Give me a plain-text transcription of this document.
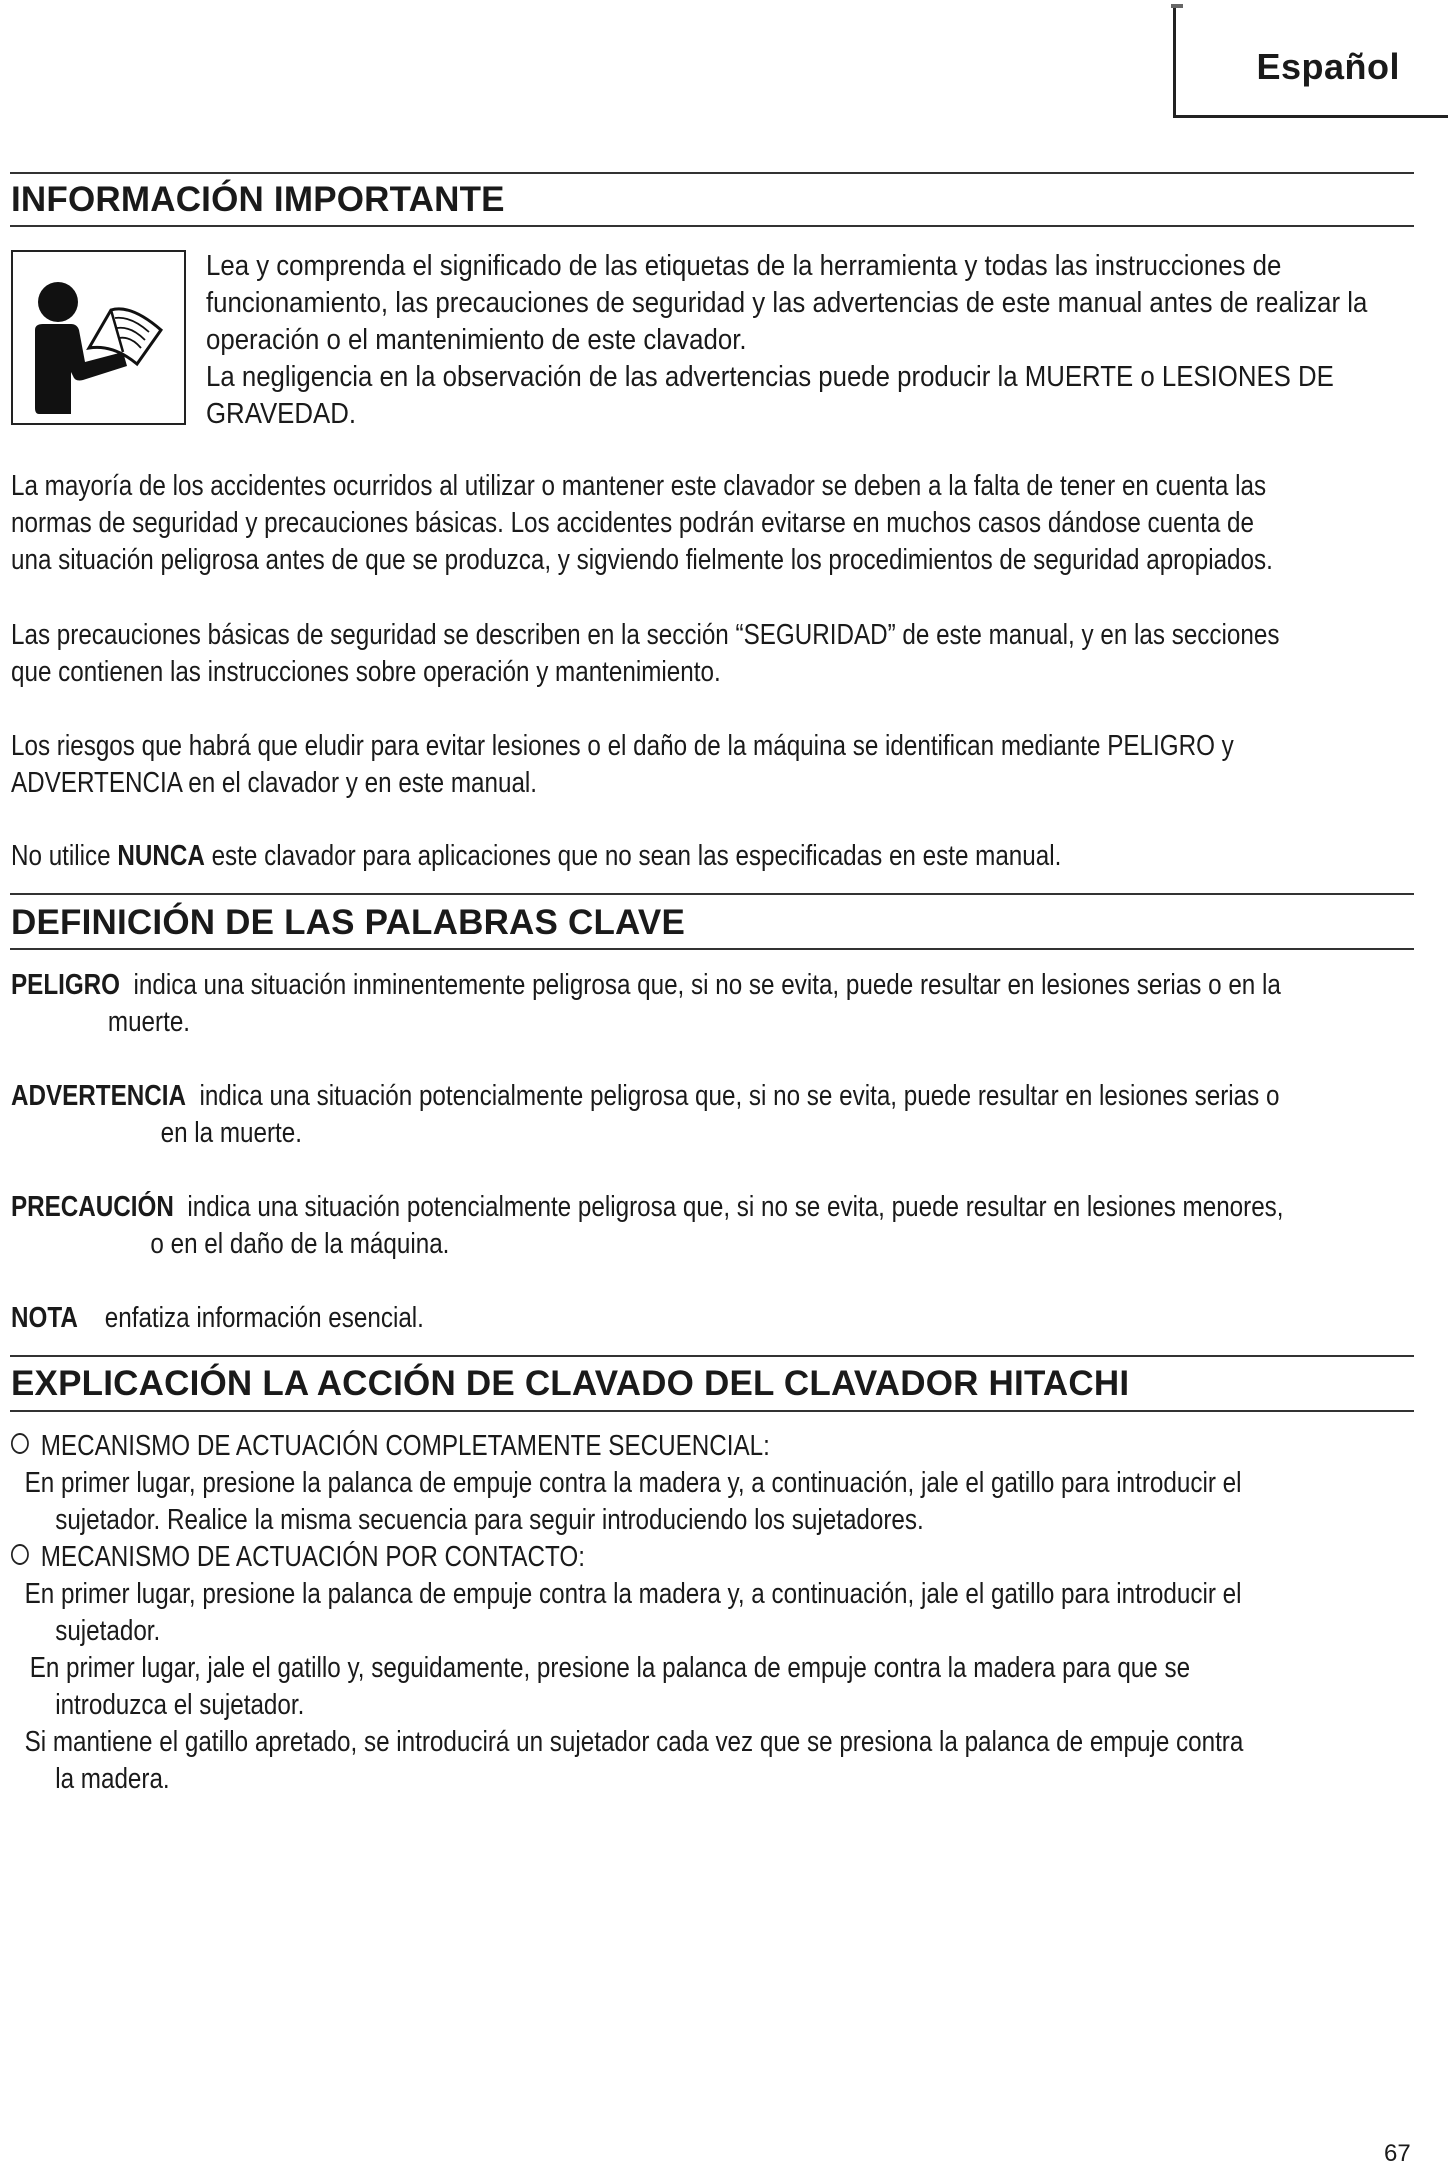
Español
INFORMACIÓN IMPORTANTE
Lea y comprenda el significado de las etiquetas de la herramienta y todas las instrucciones de
funcionamiento, las precauciones de seguridad y las advertencias de este manual antes de realizar la
operación o el mantenimiento de este clavador.
La negligencia en la observación de las advertencias puede producir la MUERTE o LESIONES DE
GRAVEDAD.
La mayoría de los accidentes ocurridos al utilizar o mantener este clavador se deben a la falta de tener en cuenta las
normas de seguridad y precauciones básicas. Los accidentes podrán evitarse en muchos casos dándose cuenta de
una situación peligrosa antes de que se produzca, y sigviendo fielmente los procedimientos de seguridad apropiados.
Las precauciones básicas de seguridad se describen en la sección “SEGURIDAD” de este manual, y en las secciones
que contienen las instrucciones sobre operación y mantenimiento.
Los riesgos que habrá que eludir para evitar lesiones o el daño de la máquina se identifican mediante PELIGRO y
ADVERTENCIA en el clavador y en este manual.
No utilice NUNCA este clavador para aplicaciones que no sean las especificadas en este manual.
DEFINICIÓN DE LAS PALABRAS CLAVE
PELIGRO indica una situación inminentemente peligrosa que, si no se evita, puede resultar en lesiones serias o en la
muerte.
ADVERTENCIA indica una situación potencialmente peligrosa que, si no se evita, puede resultar en lesiones serias o
en la muerte.
PRECAUCIÓN indica una situación potencialmente peligrosa que, si no se evita, puede resultar en lesiones menores,
o en el daño de la máquina.
NOTA enfatiza información esencial.
EXPLICACIÓN LA ACCIÓN DE CLAVADO DEL CLAVADOR HITACHI
MECANISMO DE ACTUACIÓN COMPLETAMENTE SECUENCIAL:
En primer lugar, presione la palanca de empuje contra la madera y, a continuación, jale el gatillo para introducir el
sujetador. Realice la misma secuencia para seguir introduciendo los sujetadores.
MECANISMO DE ACTUACIÓN POR CONTACTO:
En primer lugar, presione la palanca de empuje contra la madera y, a continuación, jale el gatillo para introducir el
sujetador.
En primer lugar, jale el gatillo y, seguidamente, presione la palanca de empuje contra la madera para que se
introduzca el sujetador.
Si mantiene el gatillo apretado, se introducirá un sujetador cada vez que se presiona la palanca de empuje contra
la madera.
67
